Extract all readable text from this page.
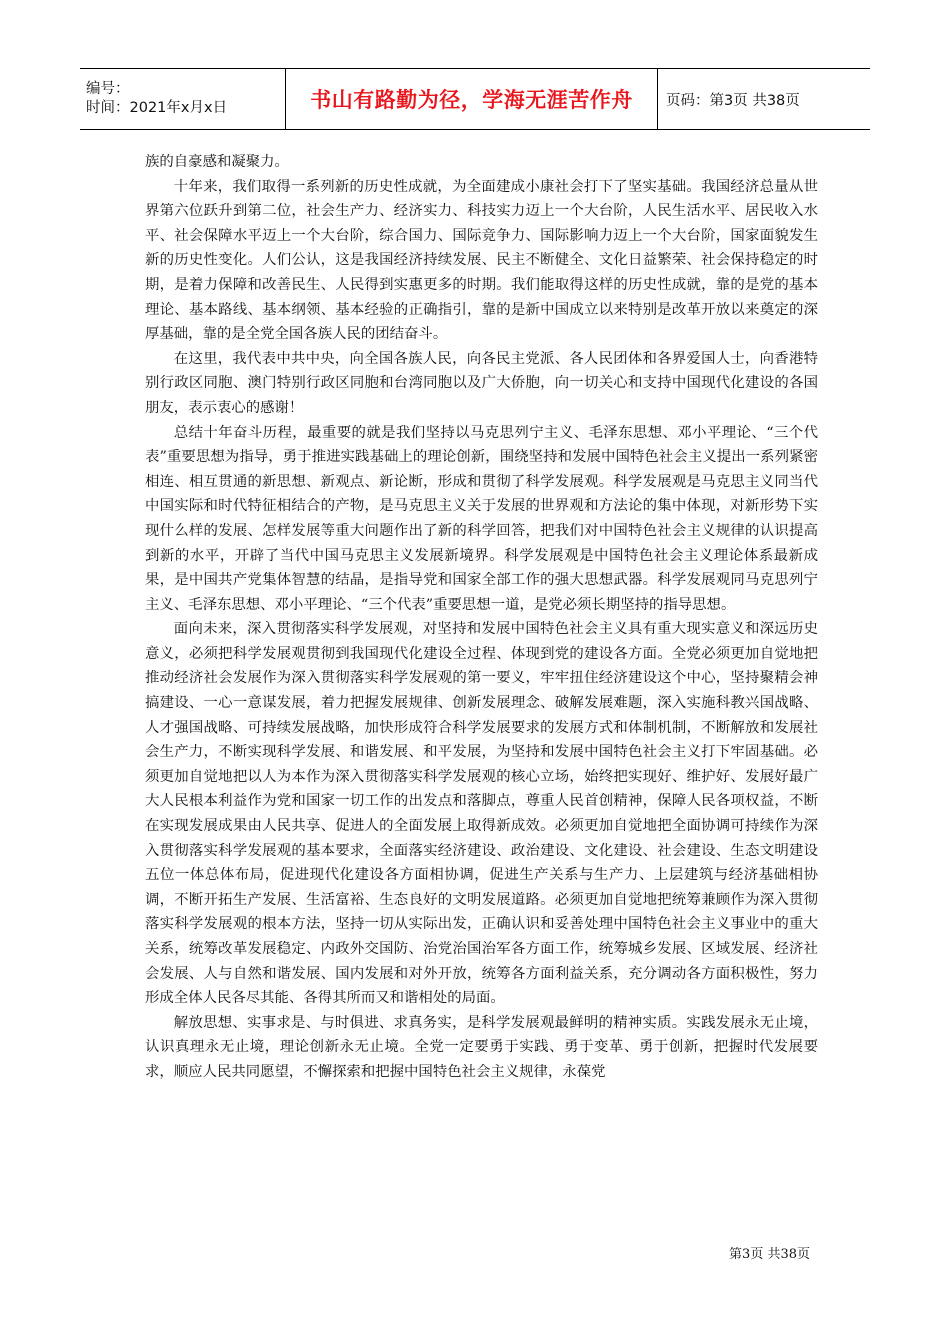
编号：
时间：2021年x月x日	书山有路勤为径，学海无涯苦作舟 页码：第3页 共38页

族的自豪感和凝聚力。

十年来，我们取得一系列新的历史性成就，为全面建成小康社会打下了坚实基础。我国经济总量从世界第六位跃升到第二位，社会生产力、经济实力、科技实力迈上一个大台阶，人民生活水平、居民收入水平、社会保障水平迈上一个大台阶，综合国力、国际竞争力、国际影响力迈上一个大台阶，国家面貌发生新的历史性变化。人们公认，这是我国经济持续发展、民主不断健全、文化日益繁荣、社会保持稳定的时期，是着力保障和改善民生、人民得到实惠更多的时期。我们能取得这样的历史性成就，靠的是党的基本理论、基本路线、基本纲领、基本经验的正确指引，靠的是新中国成立以来特别是改革开放以来奠定的深厚基础，靠的是全党全国各族人民的团结奋斗。

在这里，我代表中共中央，向全国各族人民，向各民主党派、各人民团体和各界爱国人士，向香港特别行政区同胞、澳门特别行政区同胞和台湾同胞以及广大侨胞，向一切关心和支持中国现代化建设的各国朋友，表示衷心的感谢！

总结十年奋斗历程，最重要的就是我们坚持以马克思列宁主义、毛泽东思想、邓小平理论、“三个代表”重要思想为指导，勇于推进实践基础上的理论创新，围绕坚持和发展中国特色社会主义提出一系列紧密相连、相互贯通的新思想、新观点、新论断，形成和贯彻了科学发展观。科学发展观是马克思主义同当代中国实际和时代特征相结合的产物，是马克思主义关于发展的世界观和方法论的集中体现，对新形势下实现什么样的发展、怎样发展等重大问题作出了新的科学回答，把我们对中国特色社会主义规律的认识提高到新的水平，开辟了当代中国马克思主义发展新境界。科学发展观是中国特色社会主义理论体系最新成果，是中国共产党集体智慧的结晶，是指导党和国家全部工作的强大思想武器。科学发展观同马克思列宁主义、毛泽东思想、邓小平理论、“三个代表”重要思想一道，是党必须长期坚持的指导思想。

面向未来，深入贯彻落实科学发展观，对坚持和发展中国特色社会主义具有重大现实意义和深远历史意义，必须把科学发展观贯彻到我国现代化建设全过程、体现到党的建设各方面。全党必须更加自觉地把推动经济社会发展作为深入贯彻落实科学发展观的第一要义，牢牢扭住经济建设这个中心，坚持聚精会神搞建设、一心一意谋发展，着力把握发展规律、创新发展理念、破解发展难题，深入实施科教兴国战略、人才强国战略、可持续发展战略，加快形成符合科学发展要求的发展方式和体制机制，不断解放和发展社会生产力，不断实现科学发展、和谐发展、和平发展，为坚持和发展中国特色社会主义打下牢固基础。必须更加自觉地把以人为本作为深入贯彻落实科学发展观的核心立场，始终把实现好、维护好、发展好最广大人民根本利益作为党和国家一切工作的出发点和落脚点，尊重人民首创精神，保障人民各项权益，不断在实现发展成果由人民共享、促进人的全面发展上取得新成效。必须更加自觉地把全面协调可持续作为深入贯彻落实科学发展观的基本要求，全面落实经济建设、政治建设、文化建设、社会建设、生态文明建设五位一体总体布局，促进现代化建设各方面相协调，促进生产关系与生产力、上层建筑与经济基础相协调，不断开拓生产发展、生活富裕、生态良好的文明发展道路。必须更加自觉地把统筹兼顾作为深入贯彻落实科学发展观的根本方法，坚持一切从实际出发，正确认识和妥善处理中国特色社会主义事业中的重大关系，统筹改革发展稳定、内政外交国防、治党治国治军各方面工作，统筹城乡发展、区域发展、经济社会发展、人与自然和谐发展、国内发展和对外开放，统筹各方面利益关系，充分调动各方面积极性，努力形成全体人民各尽其能、各得其所而又和谐相处的局面。

解放思想、实事求是、与时俱进、求真务实，是科学发展观最鲜明的精神实质。实践发展永无止境，认识真理永无止境，理论创新永无止境。全党一定要勇于实践、勇于变革、勇于创新，把握时代发展要求，顺应人民共同愿望，不懈探索和把握中国特色社会主义规律，永葆党

第3页 共38页
